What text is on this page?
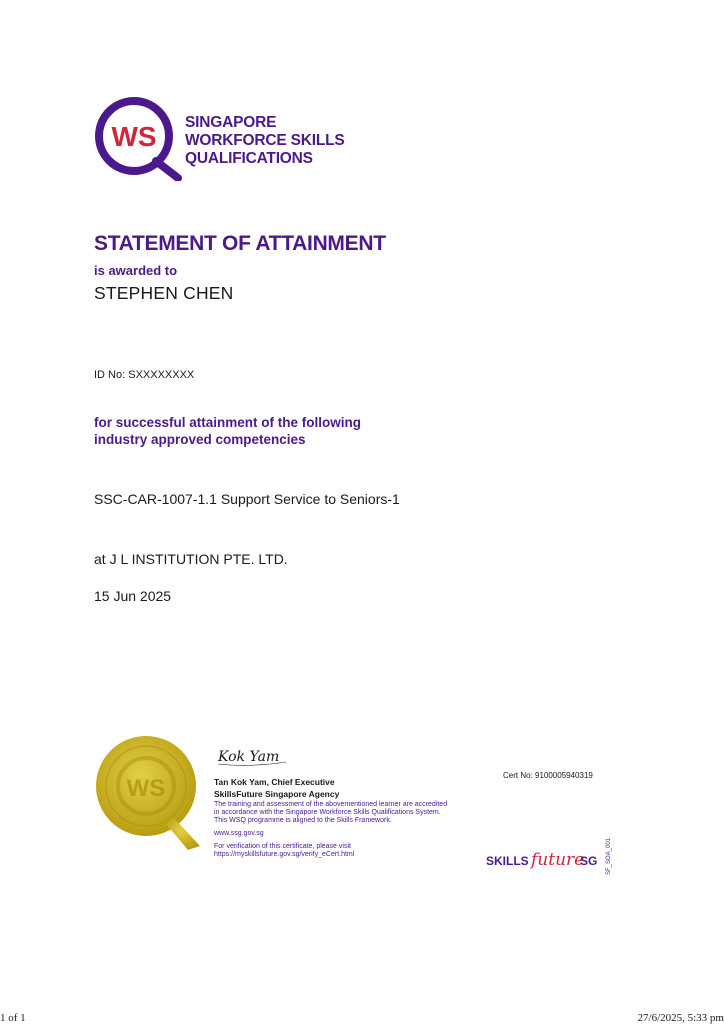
WS SINGAPORE
WORKFORCE SKILLS
QUALIFICATIONS
STATEMENT OF ATTAINMENT
is awarded to
STEPHEN CHEN
ID No: SXXXXXXXX
for successful attainment of the following
industry approved competencies
SSC-CAR-1007-1.1 Support Service to Seniors-1
at J L INSTITUTION PTE. LTD.
15 Jun 2025
WS
Kok Yam
Tan Kok Yam, Chief Executive
SkillsFuture Singapore Agency
The training and assessment of the abovementioned learner are accredited
in accordance with the Singapore Workforce Skills Qualifications System.
This WSQ programme is aligned to the Skills Framework.
www.ssg.gov.sg
For verification of this certificate, please visit
https://myskillsfuture.gov.sg/verify_eCert.html
Cert No: 9100005940319
SKILLS future
SG SF_SOA_001
1 of 1	27/6/2025, 5:33 pm
